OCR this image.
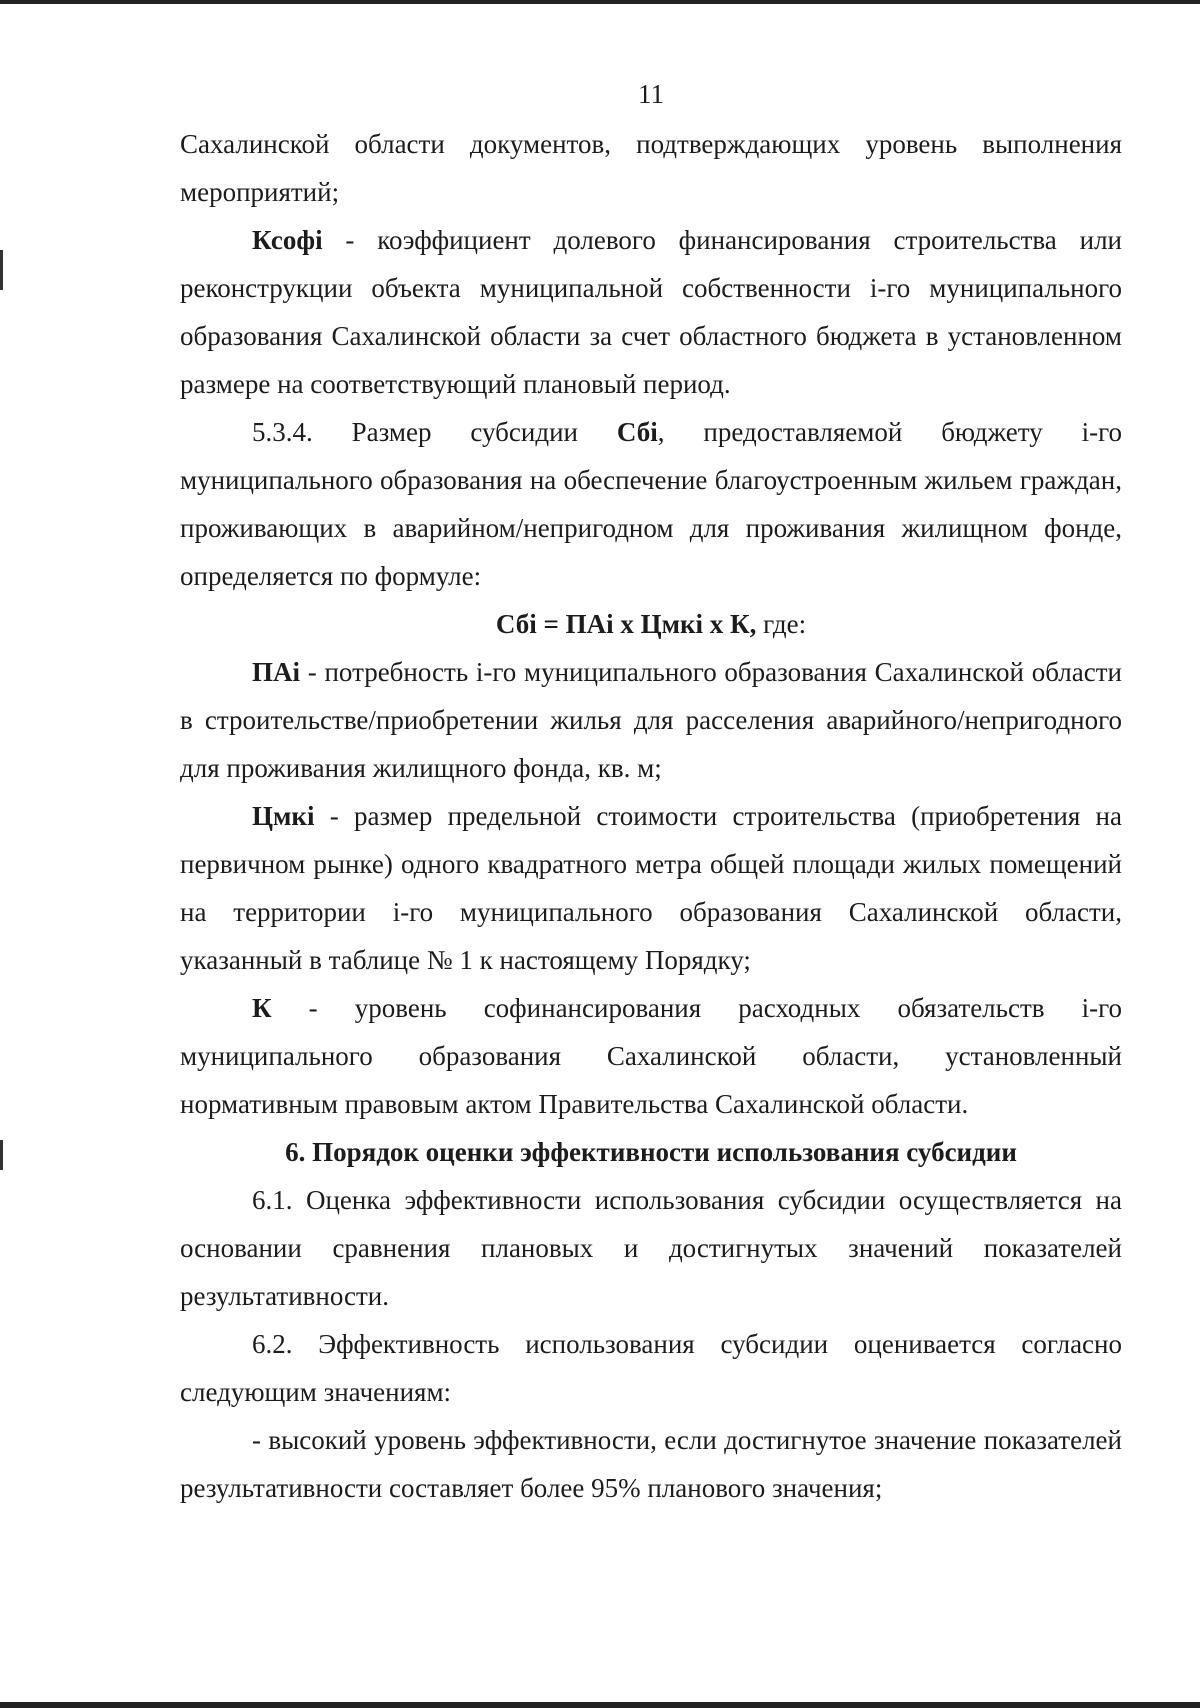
11

Сахалинской области документов, подтверждающих уровень выполнения мероприятий;

Ксофі - коэффициент долевого финансирования строительства или реконструкции объекта муниципальной собственности і-го муниципального образования Сахалинской области за счет областного бюджета в установленном размере на соответствующий плановый период.

5.3.4. Размер субсидии Сбі, предоставляемой бюджету і-го муниципального образования на обеспечение благоустроенным жильем граждан, проживающих в аварийном/непригодном для проживания жилищном фонде, определяется по формуле:

Сбі = ПАі х Цмкі х К, где:

ПАі - потребность і-го муниципального образования Сахалинской области в строительстве/приобретении жилья для расселения аварийного/непригодного для проживания жилищного фонда, кв. м;

Цмкі - размер предельной стоимости строительства (приобретения на первичном рынке) одного квадратного метра общей площади жилых помещений на территории і-го муниципального образования Сахалинской области, указанный в таблице № 1 к настоящему Порядку;

К - уровень софинансирования расходных обязательств і-го муниципального образования Сахалинской области, установленный нормативным правовым актом Правительства Сахалинской области.

6. Порядок оценки эффективности использования субсидии

6.1. Оценка эффективности использования субсидии осуществляется на основании сравнения плановых и достигнутых значений показателей результативности.

6.2. Эффективность использования субсидии оценивается согласно следующим значениям:

- высокий уровень эффективности, если достигнутое значение показателей результативности составляет более 95% планового значения;
